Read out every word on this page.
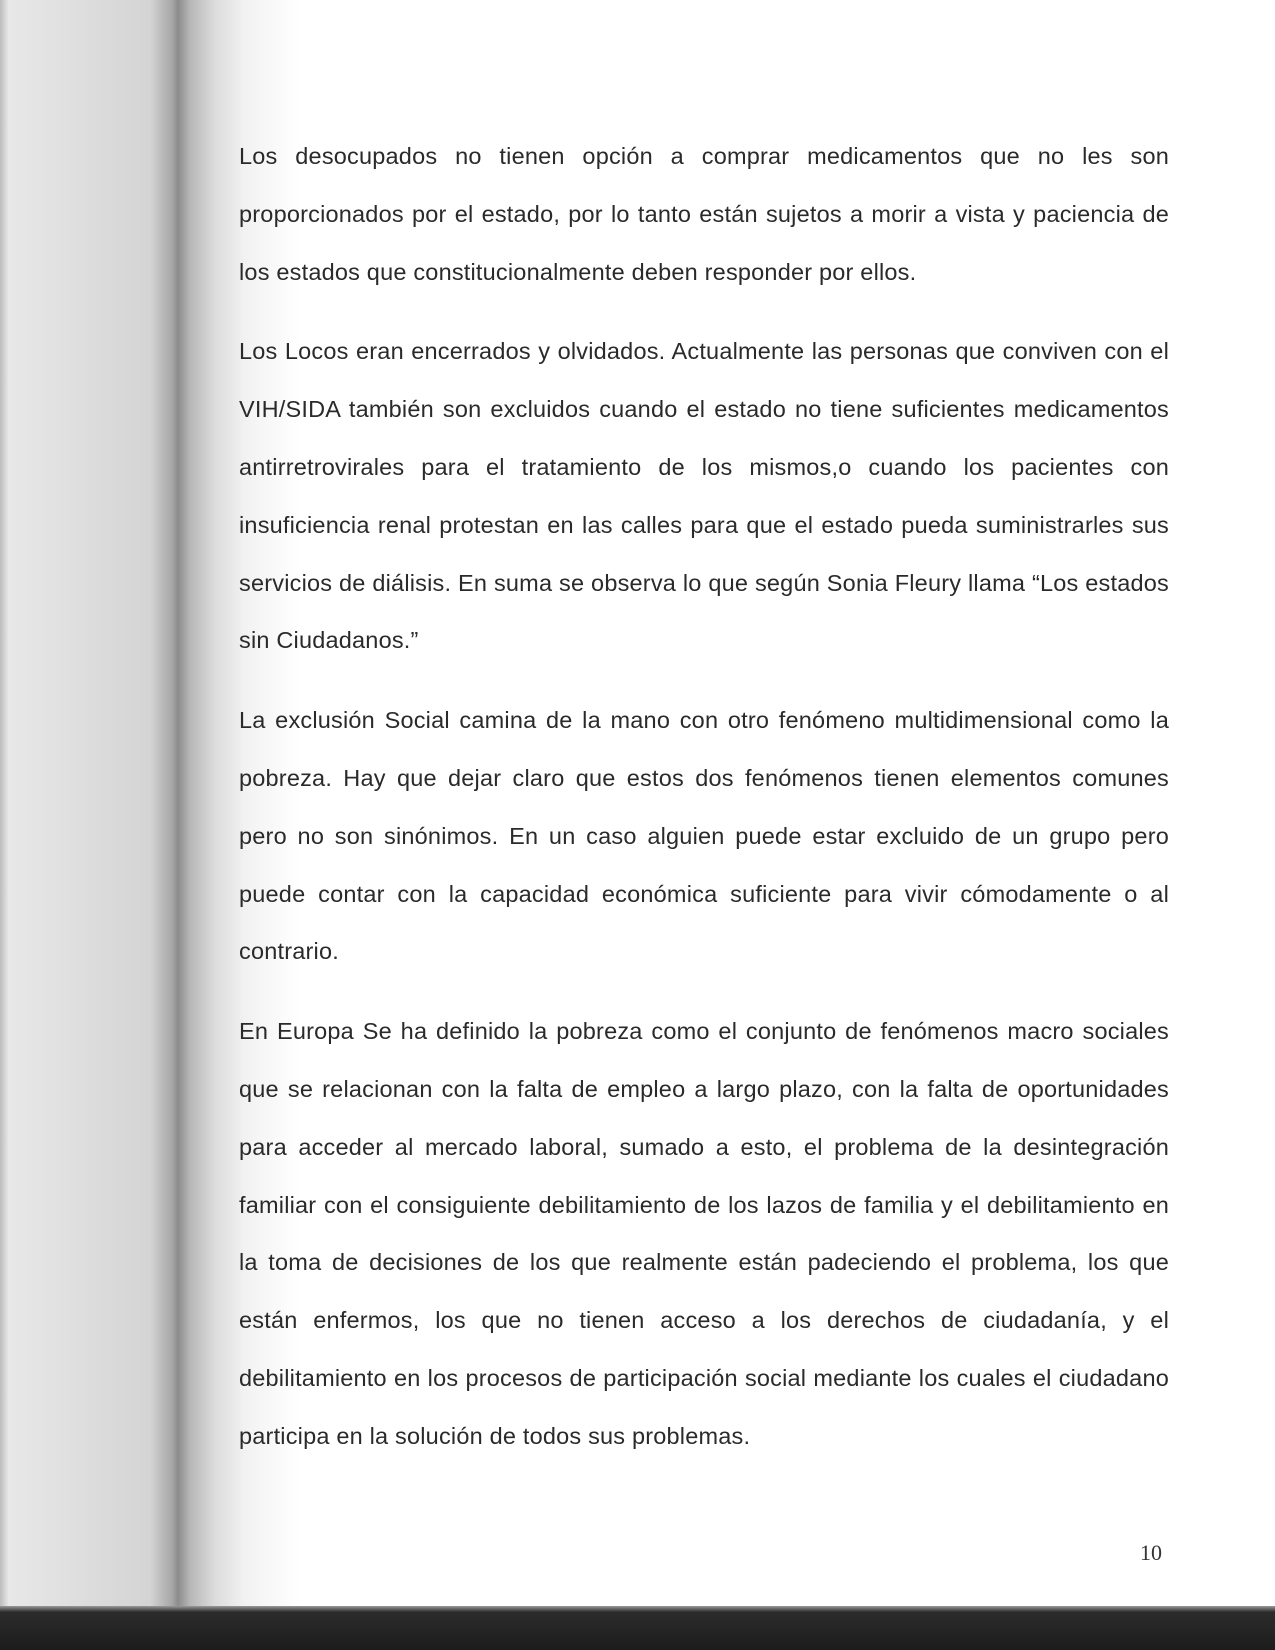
Los desocupados no tienen opción a comprar medicamentos que no les son proporcionados por el estado, por lo tanto están sujetos a morir a vista y paciencia de los estados que constitucionalmente deben responder por ellos.

Los Locos eran encerrados y olvidados. Actualmente las personas que conviven con el VIH/SIDA también son excluidos cuando el estado no tiene suficientes medicamentos antirretrovirales para el tratamiento de los mismos,o cuando los pacientes con insuficiencia renal protestan en las calles para que el estado pueda suministrarles sus servicios de diálisis. En suma se observa lo que según Sonia Fleury llama “Los estados sin Ciudadanos.”

La exclusión Social camina de la mano con otro fenómeno multidimensional como la pobreza. Hay que dejar claro que estos dos fenómenos tienen elementos comunes pero no son sinónimos. En un caso alguien puede estar excluido de un grupo pero puede contar con la capacidad económica suficiente para vivir cómodamente o al contrario.

En Europa Se ha definido la pobreza como el conjunto de fenómenos macro sociales que se relacionan con la falta de empleo a largo plazo, con la falta de oportunidades para acceder al mercado laboral, sumado a esto, el problema de la desintegración familiar con el consiguiente debilitamiento de los lazos de familia y el debilitamiento en la toma de decisiones de los que realmente están padeciendo el problema, los que están enfermos, los que no tienen acceso a los derechos de ciudadanía, y el debilitamiento en los procesos de participación social mediante los cuales el ciudadano participa en la solución de todos sus problemas.

10
